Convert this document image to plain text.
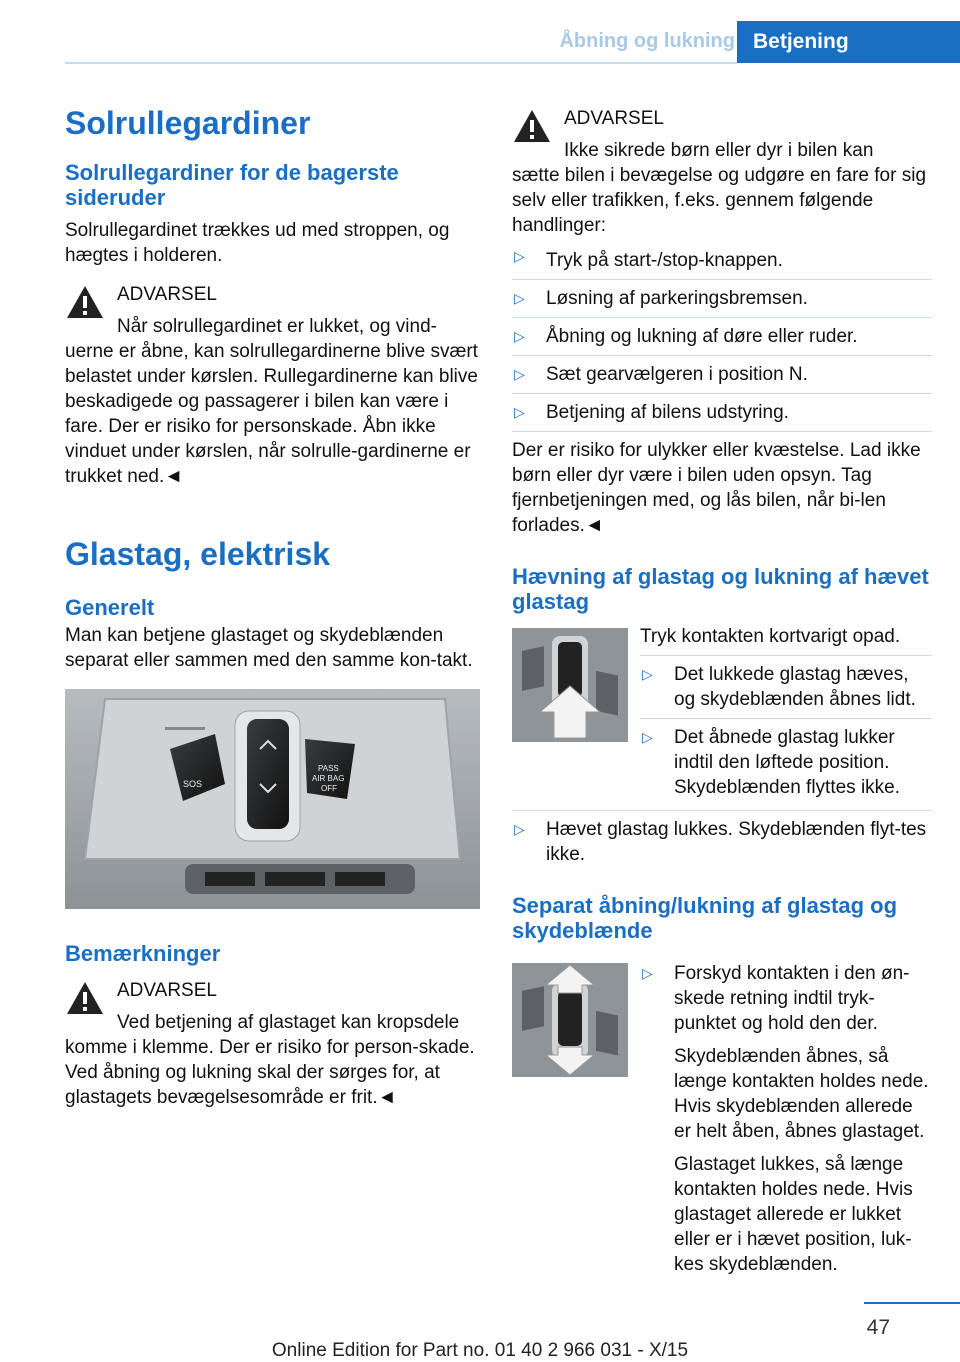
Åbning og lukning Betjening
Solrullegardiner
Solrullegardiner for de bagerste sideruder

Solrullegardinet trækkes ud med stroppen, og hægtes i holderen.

ADVARSEL

Når solrullegardinet er lukket, og vind-

uerne er åbne, kan solrullegardinerne blive svært belastet under kørslen. Rullegardinerne kan blive beskadigede og passagerer i bilen kan være i fare. Der er risiko for personskade. Åbn ikke vinduet under kørslen, når solrulle-gardinerne er trukket ned.◄

Glastag, elektrisk
Generelt

Man kan betjene glastaget og skydeblænden separat eller sammen med den samme kon-takt.

SOS
PASS
AIR BAG
OFF
Bemærkninger

ADVARSEL

Ved betjening af glastaget kan kropsdele

komme i klemme. Der er risiko for person-skade. Ved åbning og lukning skal der sørges for, at glastagets bevægelsesområde er frit.◄

ADVARSEL

Ikke sikrede børn eller dyr i bilen kan

sætte bilen i bevægelse og udgøre en fare for sig selv eller trafikken, f.eks. gennem følgende handlinger:

▷ Tryk på start-/stop-knappen.
▷ Løsning af parkeringsbremsen.
▷ Åbning og lukning af døre eller ruder.
▷ Sæt gearvælgeren i position N.
▷ Betjening af bilens udstyring.

Der er risiko for ulykker eller kvæstelse. Lad ikke børn eller dyr være i bilen uden opsyn. Tag fjernbetjeningen med, og lås bilen, når bi-len forlades.◄

Hævning af glastag og lukning af hævet glastag

Tryk kontakten kortvarigt opad.

▷ Det lukkede glastag hæves, og skydeblænden åbnes lidt.
▷ Det åbnede glastag lukker indtil den løftede position. Skydeblænden flyttes ikke.
▷ Hævet glastag lukkes. Skydeblænden flyt-tes ikke.
Separat åbning/lukning af glastag og skydeblænde
▷ Forskyd kontakten i den øn-skede retning indtil tryk-punktet og hold den der.

Skydeblænden åbnes, så længe kontakten holdes nede. Hvis skydeblænden allerede er helt åben, åbnes glastaget.

Glastaget lukkes, så længe kontakten holdes nede. Hvis glastaget allerede er lukket eller er i hævet position, luk-kes skydeblænden.

47
Online Edition for Part no. 01 40 2 966 031 - X/15
